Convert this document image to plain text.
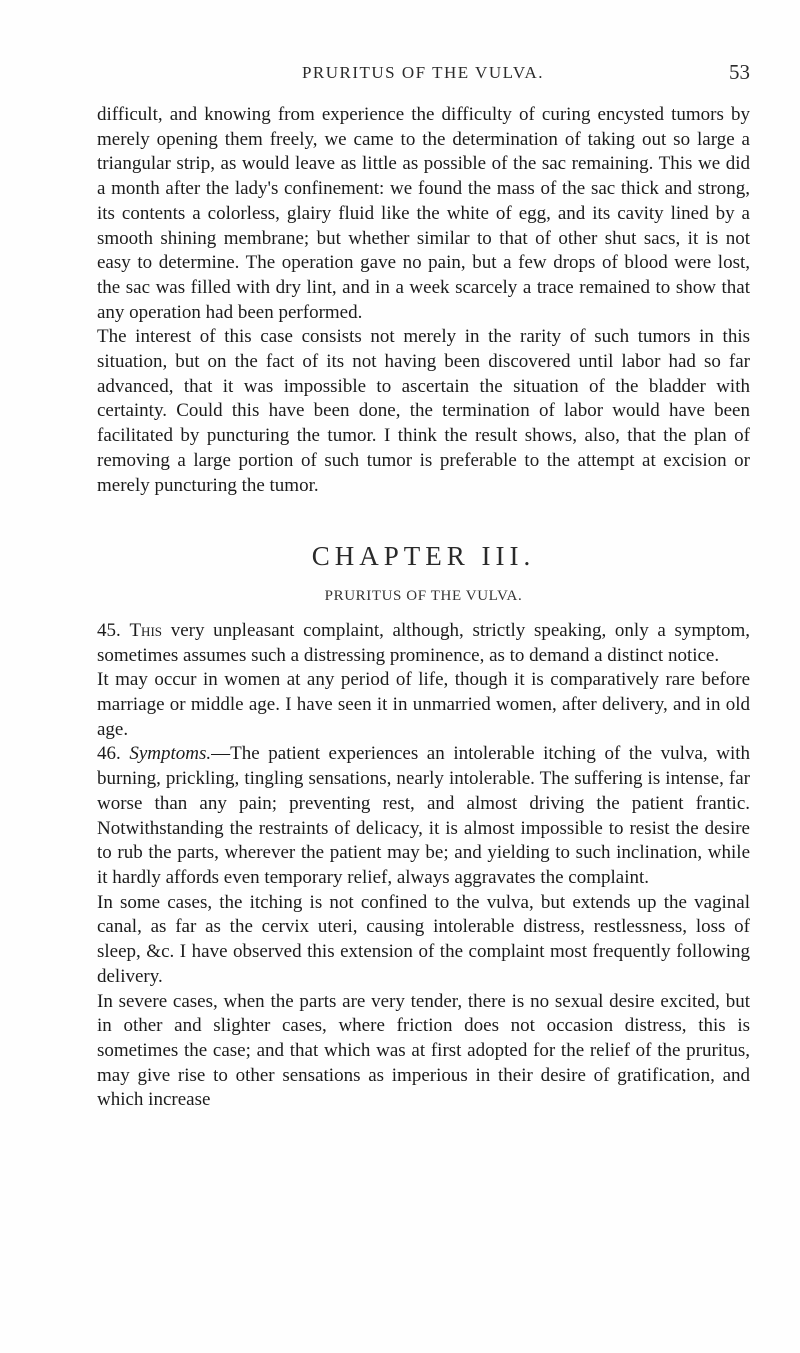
PRURITUS OF THE VULVA.	53

difficult, and knowing from experience the difficulty of curing encysted tumors by merely opening them freely, we came to the determination of taking out so large a triangular strip, as would leave as little as possible of the sac remaining. This we did a month after the lady's confinement: we found the mass of the sac thick and strong, its contents a colorless, glairy fluid like the white of egg, and its cavity lined by a smooth shining membrane; but whether similar to that of other shut sacs, it is not easy to determine. The operation gave no pain, but a few drops of blood were lost, the sac was filled with dry lint, and in a week scarcely a trace remained to show that any operation had been performed.

The interest of this case consists not merely in the rarity of such tumors in this situation, but on the fact of its not having been discovered until labor had so far advanced, that it was impossible to ascertain the situation of the bladder with certainty. Could this have been done, the termination of labor would have been facilitated by puncturing the tumor. I think the result shows, also, that the plan of removing a large portion of such tumor is preferable to the attempt at excision or merely puncturing the tumor.

CHAPTER III.

PRURITUS OF THE VULVA.

45. This very unpleasant complaint, although, strictly speaking, only a symptom, sometimes assumes such a distressing prominence, as to demand a distinct notice.

It may occur in women at any period of life, though it is comparatively rare before marriage or middle age. I have seen it in unmarried women, after delivery, and in old age.

46. Symptoms.—The patient experiences an intolerable itching of the vulva, with burning, prickling, tingling sensations, nearly intolerable. The suffering is intense, far worse than any pain; preventing rest, and almost driving the patient frantic. Notwithstanding the restraints of delicacy, it is almost impossible to resist the desire to rub the parts, wherever the patient may be; and yielding to such inclination, while it hardly affords even temporary relief, always aggravates the complaint.

In some cases, the itching is not confined to the vulva, but extends up the vaginal canal, as far as the cervix uteri, causing intolerable distress, restlessness, loss of sleep, &c. I have observed this extension of the complaint most frequently following delivery.

In severe cases, when the parts are very tender, there is no sexual desire excited, but in other and slighter cases, where friction does not occasion distress, this is sometimes the case; and that which was at first adopted for the relief of the pruritus, may give rise to other sensations as imperious in their desire of gratification, and which increase
